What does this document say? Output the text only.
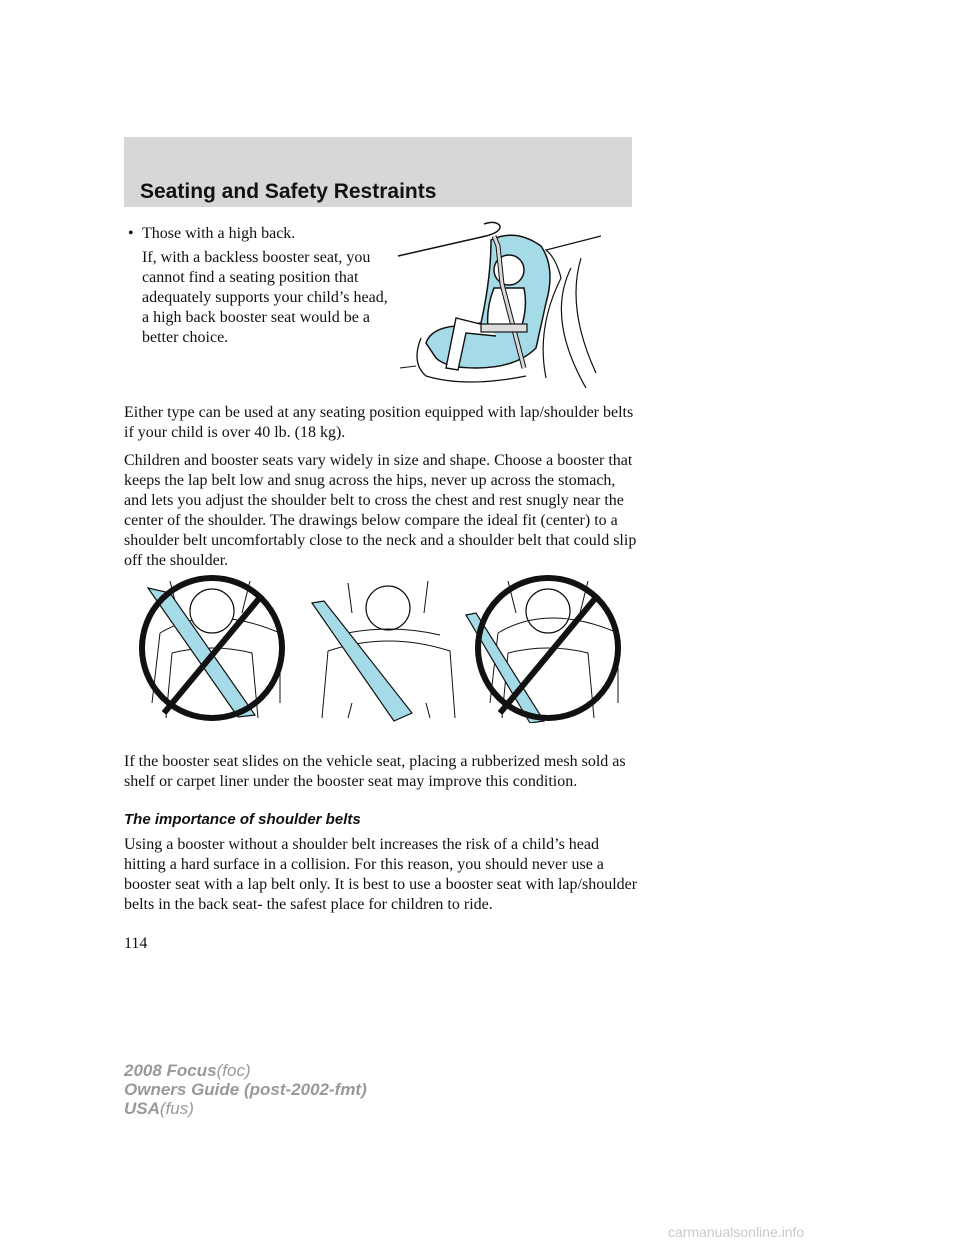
Seating and Safety Restraints
• Those with a high back.

If, with a backless booster seat, you cannot find a seating position that adequately supports your child’s head, a high back booster seat would be a better choice.

Either type can be used at any seating position equipped with lap/shoulder belts if your child is over 40 lb. (18 kg).

Children and booster seats vary widely in size and shape. Choose a booster that keeps the lap belt low and snug across the hips, never up across the stomach, and lets you adjust the shoulder belt to cross the chest and rest snugly near the center of the shoulder. The drawings below compare the ideal fit (center) to a shoulder belt uncomfortably close to the neck and a shoulder belt that could slip off the shoulder.

If the booster seat slides on the vehicle seat, placing a rubberized mesh sold as shelf or carpet liner under the booster seat may improve this condition.

The importance of shoulder belts

Using a booster without a shoulder belt increases the risk of a child’s head hitting a hard surface in a collision. For this reason, you should never use a booster seat with a lap belt only. It is best to use a booster seat with lap/shoulder belts in the back seat- the safest place for children to ride.

114
2008 Focus(foc)
Owners Guide (post-2002-fmt)
USA(fus)
carmanualsonline.info
